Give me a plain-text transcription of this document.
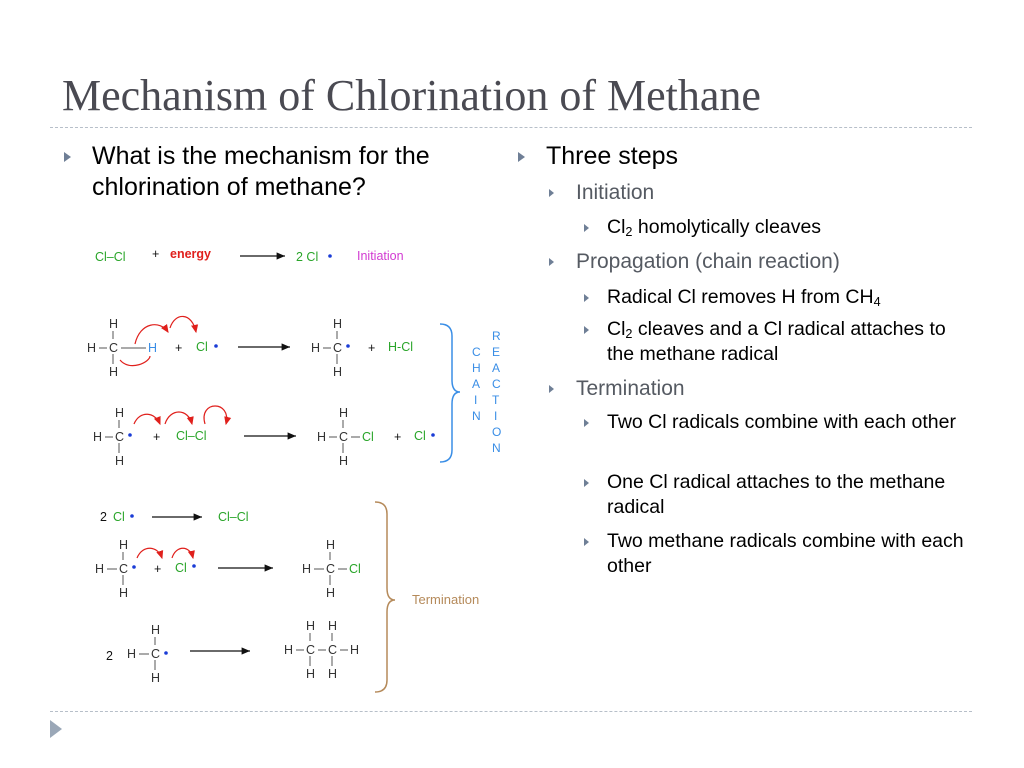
Mechanism of Chlorination of Methane
What is the mechanism for the chlorination of methane?
Three steps
Initiation
$Cl_2$ homolytically cleaves
Propagation (chain reaction)
Radical Cl removes H from $CH_4$
$Cl_2$ cleaves and a Cl radical attaches to the methane radical
Termination
Two Cl radicals combine with each other
One Cl radical attaches to the methane radical
Two methane radicals combine with each other
Cl–Cl + energy	2 Cl	Initiation
H
H
H
C H + Cl
H
H
H
C + H-Cl
H
H
H
C + Cl–Cl
H
H
H
C Cl + Cl
C
H
A
I
N
R
E
A
C
T
I
O
N
2 Cl	Cl–Cl
H
H
H
C + Cl
H
H
H
C Cl
2
H
H
H
C
H H
H	H
H H
C C
Termination
